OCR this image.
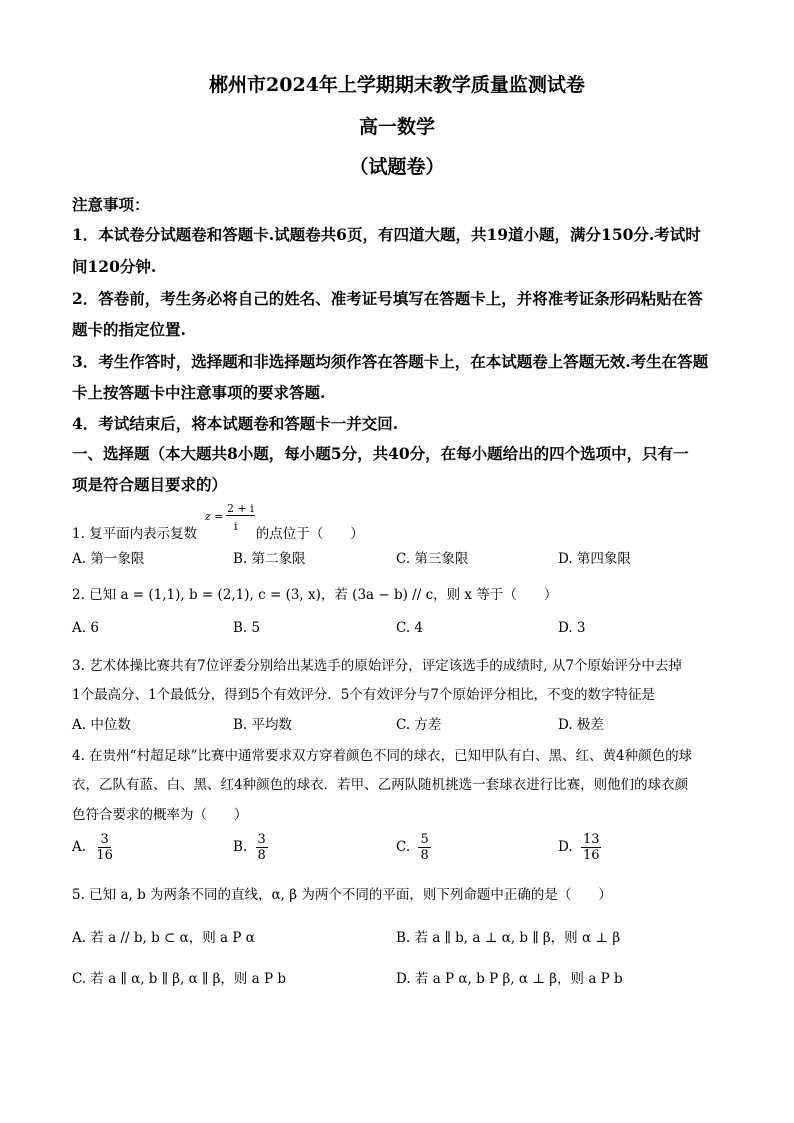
郴州市2024年上学期期末教学质量监测试卷
高一数学
（试题卷）
注意事项：
1．本试卷分试题卷和答题卡.试题卷共6页，有四道大题，共19道小题，满分150分.考试时
间120分钟.
2．答卷前，考生务必将自己的姓名、准考证号填写在答题卡上，并将准考证条形码粘贴在答
题卡的指定位置.
3．考生作答时，选择题和非选择题均须作答在答题卡上，在本试题卷上答题无效.考生在答题
卡上按答题卡中注意事项的要求答题.
4．考试结束后，将本试题卷和答题卡一并交回.
一、选择题（本大题共8小题，每小题5分，共40分，在每小题给出的四个选项中，只有一
项是符合题目要求的）
1. 复平面内表示复数	的点位于（　　）
z =
2 + i
i
A. 第一象限	B. 第二象限	C. 第三象限	D. 第四象限
2. 已知 a = (1,1), b = (2,1), c = (3, x)，若 (3a − b) // c，则 x 等于（　　）
A. 6	B. 5	C. 4	D. 3
3. 艺术体操比赛共有7位评委分别给出某选手的原始评分，评定该选手的成绩时, 从7个原始评分中去掉
1个最高分、1个最低分，得到5个有效评分．5个有效评分与7个原始评分相比，不变的数字特征是
A. 中位数	B. 平均数	C. 方差	D. 极差
4. 在贵州“村超足球”比赛中通常要求双方穿着颜色不同的球衣，已知甲队有白、黑、红、黄4种颜色的球
衣，乙队有蓝、白、黑、红4种颜色的球衣．若甲、乙两队随机挑选一套球衣进行比赛，则他们的球衣颜
色符合要求的概率为（　　）
A. $\frac{3}{16}$	B. $\frac{3}{8}$	C. $\frac{5}{8}$	D. $\frac{13}{16}$
5. 已知 a, b 为两条不同的直线，α, β 为两个不同的平面，则下列命题中正确的是（　　）
A. 若 a // b, b ⊂ α，则 a P α	B. 若 a ∥ b, a ⊥ α, b ∥ β，则 α ⊥ β
C. 若 a ∥ α, b ∥ β, α ∥ β，则 a P b	D. 若 a P α, b P β, α ⊥ β，则 a P b
